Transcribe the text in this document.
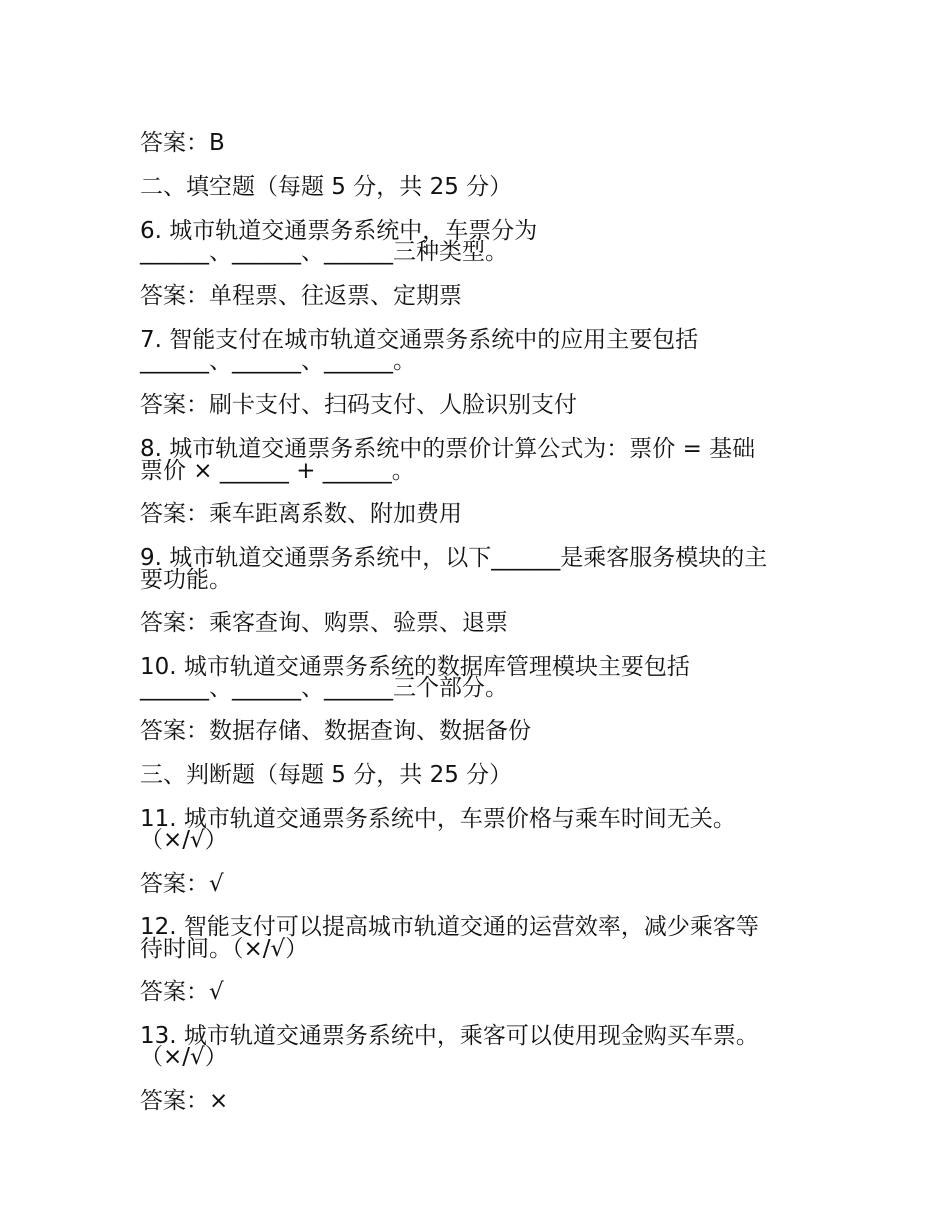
答案：B
二、填空题（每题 5 分，共 25 分）
6. 城市轨道交通票务系统中，车票分为
______、______、______三种类型。
答案：单程票、往返票、定期票
7. 智能支付在城市轨道交通票务系统中的应用主要包括
______、______、______。
答案：刷卡支付、扫码支付、人脸识别支付
8. 城市轨道交通票务系统中的票价计算公式为：票价 = 基础
票价 × ______ + ______。
答案：乘车距离系数、附加费用
9. 城市轨道交通票务系统中，以下______是乘客服务模块的主
要功能。
答案：乘客查询、购票、验票、退票
10. 城市轨道交通票务系统的数据库管理模块主要包括
______、______、______三个部分。
答案：数据存储、数据查询、数据备份
三、判断题（每题 5 分，共 25 分）
11. 城市轨道交通票务系统中，车票价格与乘车时间无关。
（×/√）
答案：√
12. 智能支付可以提高城市轨道交通的运营效率，减少乘客等
待时间。（×/√）
答案：√
13. 城市轨道交通票务系统中，乘客可以使用现金购买车票。
（×/√）
答案：×
